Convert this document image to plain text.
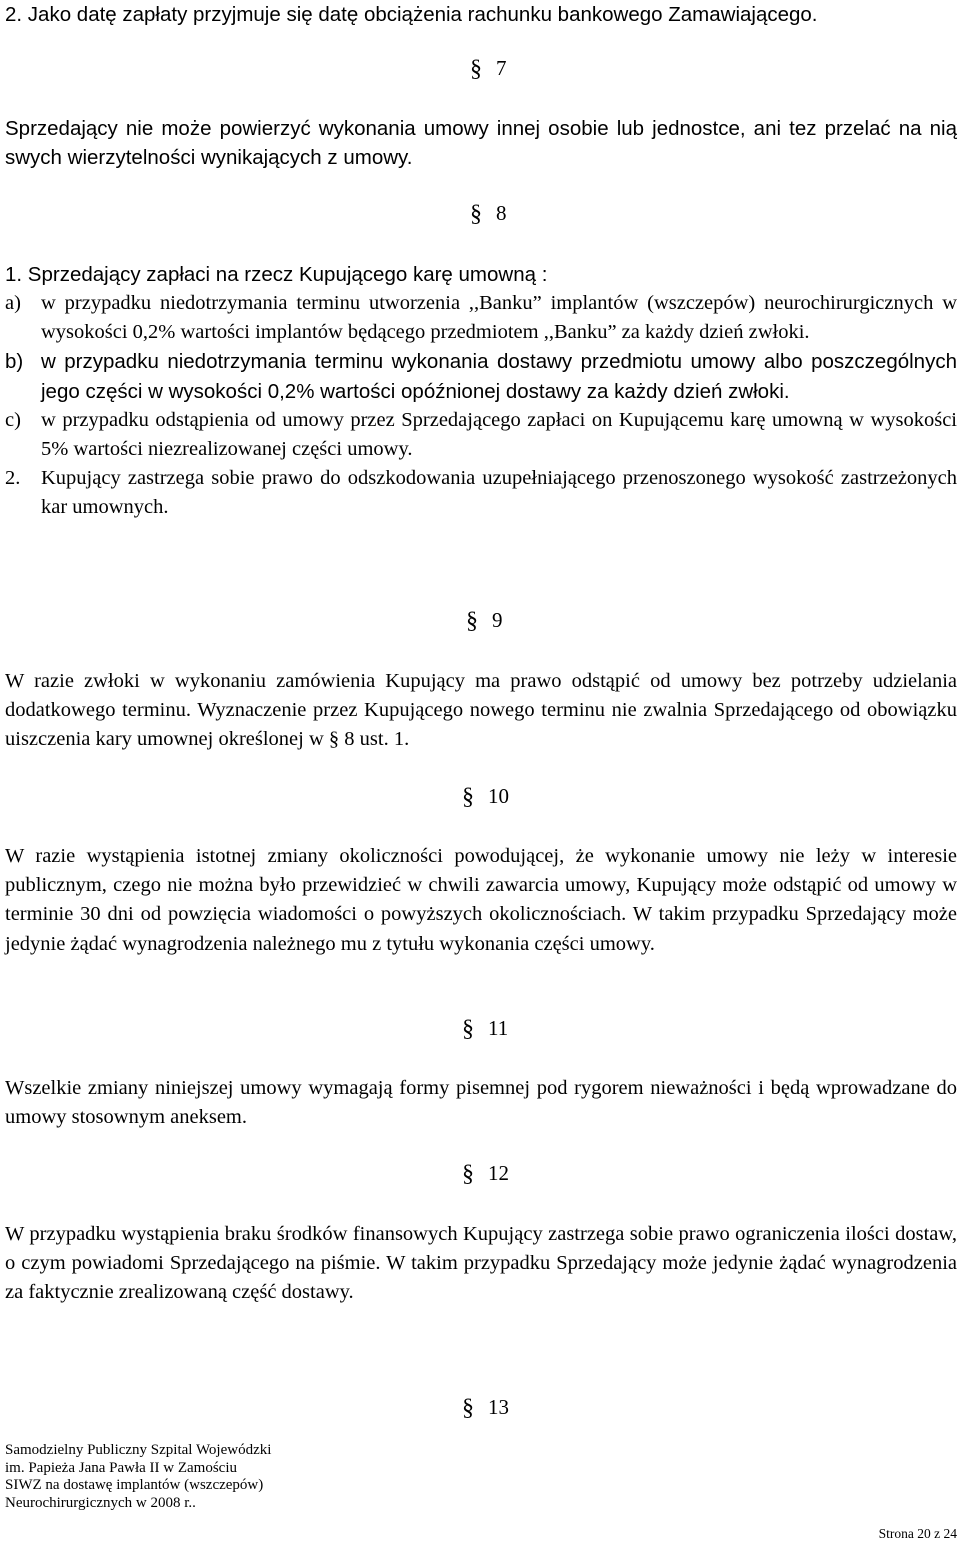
2. Jako datę zapłaty przyjmuje się datę obciążenia rachunku bankowego Zamawiającego.
§ 7

Sprzedający nie może powierzyć wykonania umowy innej osobie lub jednostce, ani tez przelać na nią swych wierzytelności wynikających z umowy.

§ 8
1. Sprzedający zapłaci na rzecz Kupującego karę umowną :
a) w przypadku niedotrzymania terminu utworzenia ,,Banku” implantów (wszczepów) neurochirurgicznych w wysokości 0,2% wartości implantów będącego przedmiotem ,,Banku” za każdy dzień zwłoki.
b) w przypadku niedotrzymania terminu wykonania dostawy przedmiotu umowy albo poszczególnych jego części w wysokości 0,2% wartości opóźnionej dostawy za każdy dzień zwłoki.
c) w przypadku odstąpienia od umowy przez Sprzedającego zapłaci on Kupującemu karę umowną w wysokości 5% wartości niezrealizowanej części umowy.
2.	Kupujący zastrzega sobie prawo do odszkodowania uzupełniającego przenoszonego wysokość zastrzeżonych kar umownych.
§ 9

W razie zwłoki w wykonaniu zamówienia Kupujący ma prawo odstąpić od umowy bez potrzeby udzielania dodatkowego terminu. Wyznaczenie przez Kupującego nowego terminu nie zwalnia Sprzedającego od obowiązku uiszczenia kary umownej określonej w § 8 ust. 1.

§ 10

W razie wystąpienia istotnej zmiany okoliczności powodującej, że wykonanie umowy nie leży w interesie publicznym, czego nie można było przewidzieć w chwili zawarcia umowy, Kupujący może odstąpić od umowy w terminie 30 dni od powzięcia wiadomości o powyższych okolicznościach. W takim przypadku Sprzedający może jedynie żądać wynagrodzenia należnego mu z tytułu wykonania części umowy.

§ 11

Wszelkie zmiany niniejszej umowy wymagają formy pisemnej pod rygorem nieważności i będą wprowadzane do umowy stosownym aneksem.

§ 12

W przypadku wystąpienia braku środków finansowych Kupujący zastrzega sobie prawo ograniczenia ilości dostaw, o czym powiadomi Sprzedającego na piśmie. W takim przypadku Sprzedający może jedynie żądać wynagrodzenia za faktycznie zrealizowaną część dostawy.

§ 13
Samodzielny Publiczny Szpital Wojewódzki
im. Papieża Jana Pawła II w Zamościu
SIWZ na dostawę implantów (wszczepów)
Neurochirurgicznych w 2008 r..
Strona 20 z 24
